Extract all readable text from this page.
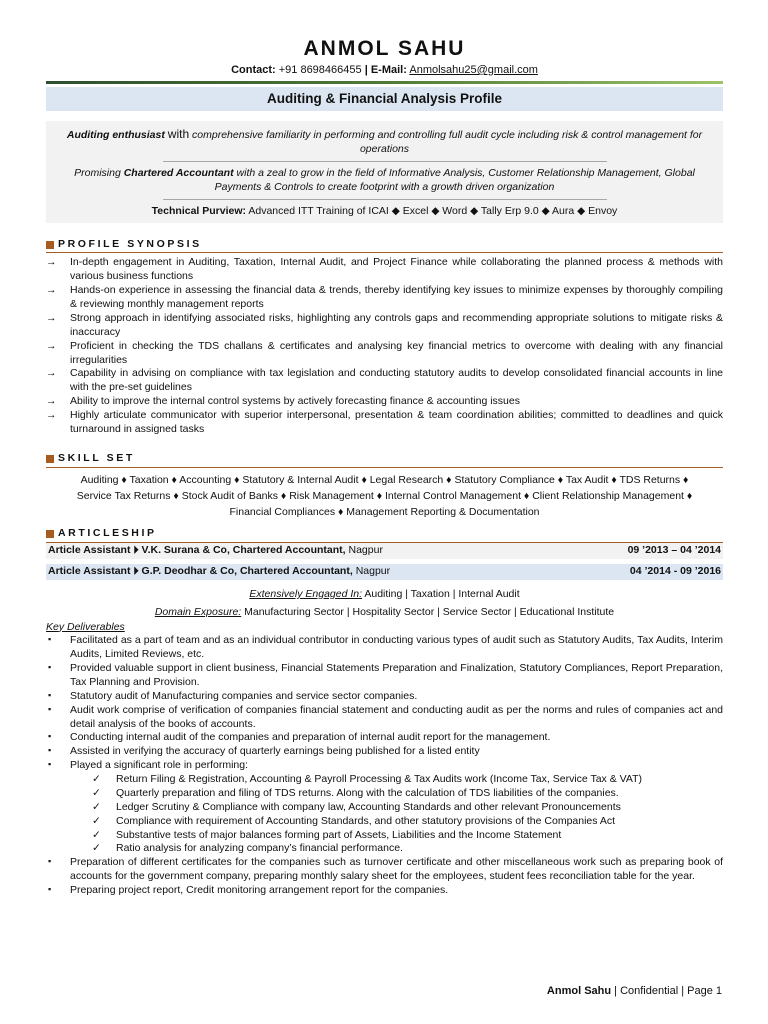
ANMOL SAHU
Contact: +91 8698466455 | E-Mail: Anmolsahu25@gmail.com
Auditing & Financial Analysis Profile

Auditing enthusiast with comprehensive familiarity in performing and controlling full audit cycle including risk & control management for operations

Promising Chartered Accountant with a zeal to grow in the field of Informative Analysis, Customer Relationship Management, Global Payments & Controls to create footprint with a growth driven organization

Technical Purview: Advanced ITT Training of ICAI ◆ Excel ◆ Word ◆ Tally Erp 9.0 ◆ Aura ◆ Envoy
PROFILE SYNOPSIS
→ In-depth engagement in Auditing, Taxation, Internal Audit, and Project Finance while collaborating the planned process & methods with various business functions
→ Hands-on experience in assessing the financial data & trends, thereby identifying key issues to minimize expenses by thoroughly compiling & reviewing monthly management reports
→ Strong approach in identifying associated risks, highlighting any controls gaps and recommending appropriate solutions to mitigate risks & inaccuracy
→ Proficient in checking the TDS challans & certificates and analysing key financial metrics to overcome with dealing with any financial irregularities
→ Capability in advising on compliance with tax legislation and conducting statutory audits to develop consolidated financial accounts in line with the pre-set guidelines
→ Ability to improve the internal control systems by actively forecasting finance & accounting issues
→ Highly articulate communicator with superior interpersonal, presentation & team coordination abilities; committed to deadlines and quick turnaround in assigned tasks
SKILL SET
Auditing ♦ Taxation ♦ Accounting ♦ Statutory & Internal Audit ♦ Legal Research ♦ Statutory Compliance ♦ Tax Audit ♦ TDS Returns ♦ Service Tax Returns ♦ Stock Audit of Banks ♦ Risk Management ♦ Internal Control Management ♦ Client Relationship Management ♦ Financial Compliances ♦ Management Reporting & Documentation
ARTICLESHIP
Article Assistant ⏵ V.K. Surana & Co, Chartered Accountant, Nagpur	09 ’2013 – 04 ’2014
Article Assistant ⏵ G.P. Deodhar & Co, Chartered Accountant, Nagpur	04 ’2014 - 09 ’2016
Extensively Engaged In: Auditing | Taxation | Internal Audit
Domain Exposure: Manufacturing Sector | Hospitality Sector | Service Sector | Educational Institute
Key Deliverables
▪ Facilitated as a part of team and as an individual contributor in conducting various types of audit such as Statutory Audits, Tax Audits, Interim Audits, Limited Reviews, etc.
▪ Provided valuable support in client business, Financial Statements Preparation and Finalization, Statutory Compliances, Report Preparation, Tax Planning and Provision.
▪ Statutory audit of Manufacturing companies and service sector companies.
▪ Audit work comprise of verification of companies financial statement and conducting audit as per the norms and rules of companies act and detail analysis of the books of accounts.
▪ Conducting internal audit of the companies and preparation of internal audit report for the management.
▪ Assisted in verifying the accuracy of quarterly earnings being published for a listed entity
▪ Played a significant role in performing:
✓ Return Filing & Registration, Accounting & Payroll Processing & Tax Audits work (Income Tax, Service Tax & VAT)
✓ Quarterly preparation and filing of TDS returns. Along with the calculation of TDS liabilities of the companies.
✓ Ledger Scrutiny & Compliance with company law, Accounting Standards and other relevant Pronouncements
✓ Compliance with requirement of Accounting Standards, and other statutory provisions of the Companies Act
✓ Substantive tests of major balances forming part of Assets, Liabilities and the Income Statement
✓ Ratio analysis for analyzing company’s financial performance.
▪ Preparation of different certificates for the companies such as turnover certificate and other miscellaneous work such as preparing book of accounts for the government company, preparing monthly salary sheet for the employees, student fees reconciliation table for the year.
▪ Preparing project report, Credit monitoring arrangement report for the companies.
Anmol Sahu | Confidential | Page 1
